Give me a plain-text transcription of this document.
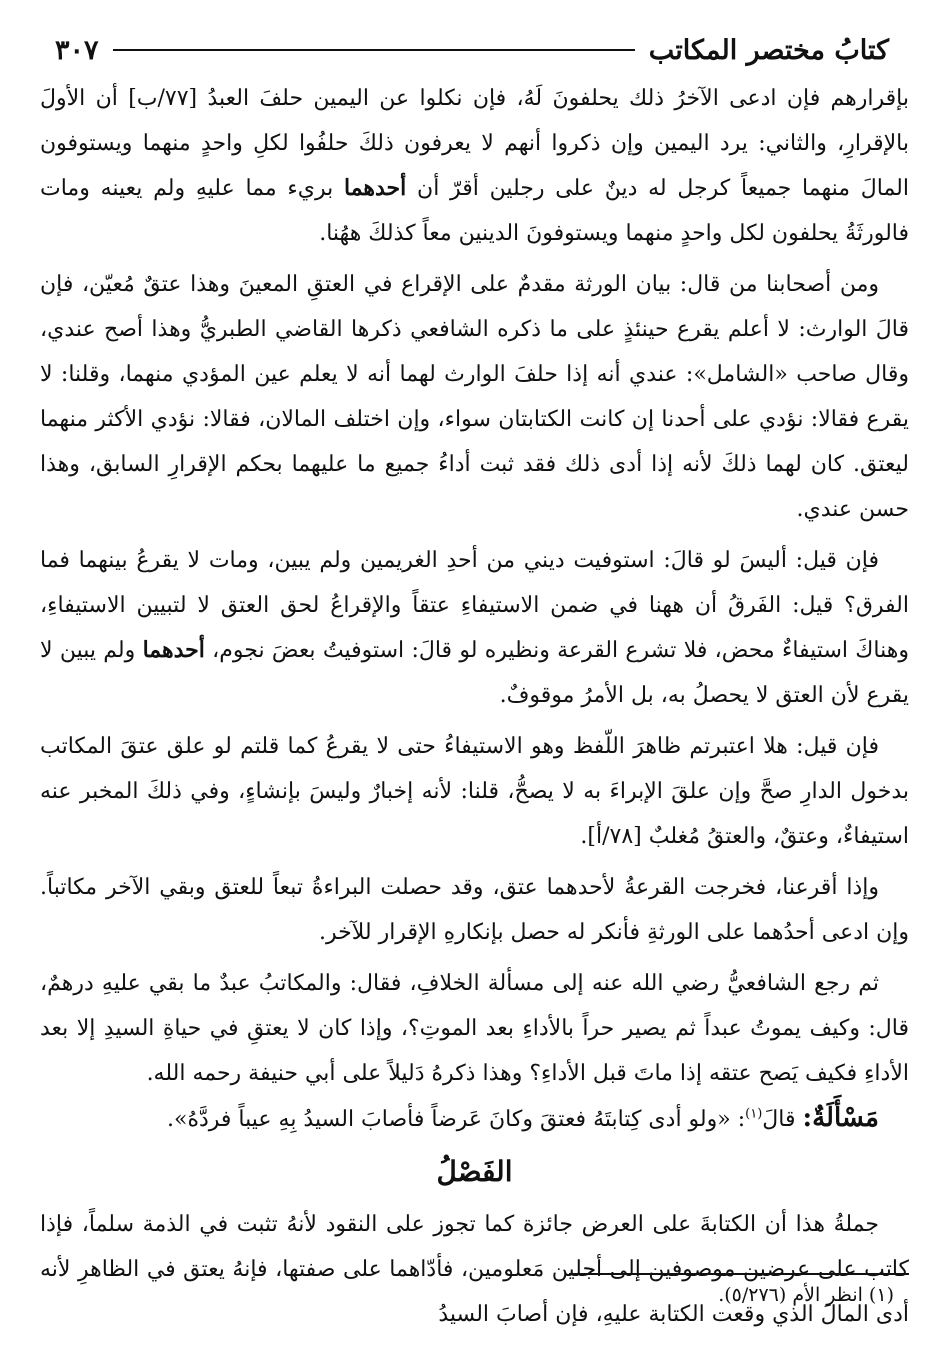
كتابُ مختصر المكاتب
٣٠٧

بإقرارهم فإن ادعى الآخرُ ذلك يحلفونَ لَهُ، فإن نكلوا عن اليمين حلفَ العبدُ [٧٧/ب] أن الأولَ بالإقرارِ، والثاني: يرد اليمين وإن ذكروا أنهم لا يعرفون ذلكَ حلفُوا لكلِ واحدٍ منهما ويستوفون المالَ منهما جميعاً كرجل له دينٌ على رجلين أقرّ أن أحدهما بريء مما عليهِ ولم يعينه ومات فالورثَةُ يحلفون لكل واحدٍ منهما ويستوفونَ الدينين معاً كذلكَ ههُنا.

ومن أصحابنا من قال: بيان الورثة مقدمٌ على الإقراع في العتقِ المعينَ وهذا عتقٌ مُعيّن، فإن قالَ الوارث: لا أعلم يقرع حينئذٍ على ما ذكره الشافعي ذكرها القاضي الطبريُّ وهذا أصح عندي، وقال صاحب «الشامل»: عندي أنه إذا حلفَ الوارث لهما أنه لا يعلم عين المؤدي منهما، وقلنا: لا يقرع فقالا: نؤدي على أحدنا إن كانت الكتابتان سواء، وإن اختلف المالان، فقالا: نؤدي الأكثر منهما ليعتق. كان لهما ذلكَ لأنه إذا أدى ذلك فقد ثبت أداءُ جميع ما عليهما بحكم الإقرارِ السابق، وهذا حسن عندي.

فإن قيل: أليسَ لو قالَ: استوفيت ديني من أحدِ الغريمين ولم يبين، ومات لا يقرعُ بينهما فما الفرق؟ قيل: الفَرقُ أن ههنا في ضمن الاستيفاءِ عتقاً والإقراعُ لحق العتق لا لتبيين الاستيفاءِ، وهناكَ استيفاءٌ محض، فلا تشرع القرعة ونظيره لو قالَ: استوفيتُ بعضَ نجوم، أحدهما ولم يبين لا يقرع لأن العتق لا يحصلُ به، بل الأمرُ موقوفٌ.

فإن قيل: هلا اعتبرتم ظاهرَ اللّفظ وهو الاستيفاءُ حتى لا يقرعُ كما قلتم لو علق عتقَ المكاتب بدخول الدارِ صحَّ وإن علقَ الإبراءَ به لا يصحُّ، قلنا: لأنه إخبارٌ وليسَ بإنشاءٍ، وفي ذلكَ المخبر عنه استيفاءٌ، وعتقٌ، والعتقُ مُغلبٌ [٧٨/أ].

وإذا أقرعنا، فخرجت القرعةُ لأحدهما عتق، وقد حصلت البراءةُ تبعاً للعتق وبقي الآخر مكاتباً. وإن ادعى أحدُهما على الورثةِ فأنكر له حصل بإنكارهِ الإقرار للآخر.

ثم رجع الشافعيُّ رضي الله عنه إلى مسألة الخلافِ، فقال: والمكاتبُ عبدٌ ما بقي عليهِ درهمٌ، قال: وكيف يموتُ عبداً ثم يصير حراً بالأداءِ بعد الموتِ؟، وإذا كان لا يعتقِ في حياةِ السيدِ إلا بعد الأداءِ فكيف يَصح عتقه إذا ماتَ قبل الأداءِ؟ وهذا ذكرهُ دَليلاً على أبي حنيفة رحمه الله.

مَسْأَلَةٌ: قالَ$^{(١)}$: «ولو أدى كِتابتَهُ فعتقَ وكانَ عَرضاً فأصابَ السيدُ بِهِ عيباً فردَّهُ».

الفَصْلُ

جملةُ هذا أن الكتابةَ على العرض جائزة كما تجوز على النقود لأنهُ تثبت في الذمة سلماً، فإذا كاتب على عرضين موصوفين إلى أجلين مَعلومين، فأدّاهما على صفتها، فإنهُ يعتق في الظاهرِ لأنه أدى المالَ الذي وقعت الكتابة عليهِ، فإن أصابَ السيدُ

(١) انظر الأم (٥/٢٧٦).
